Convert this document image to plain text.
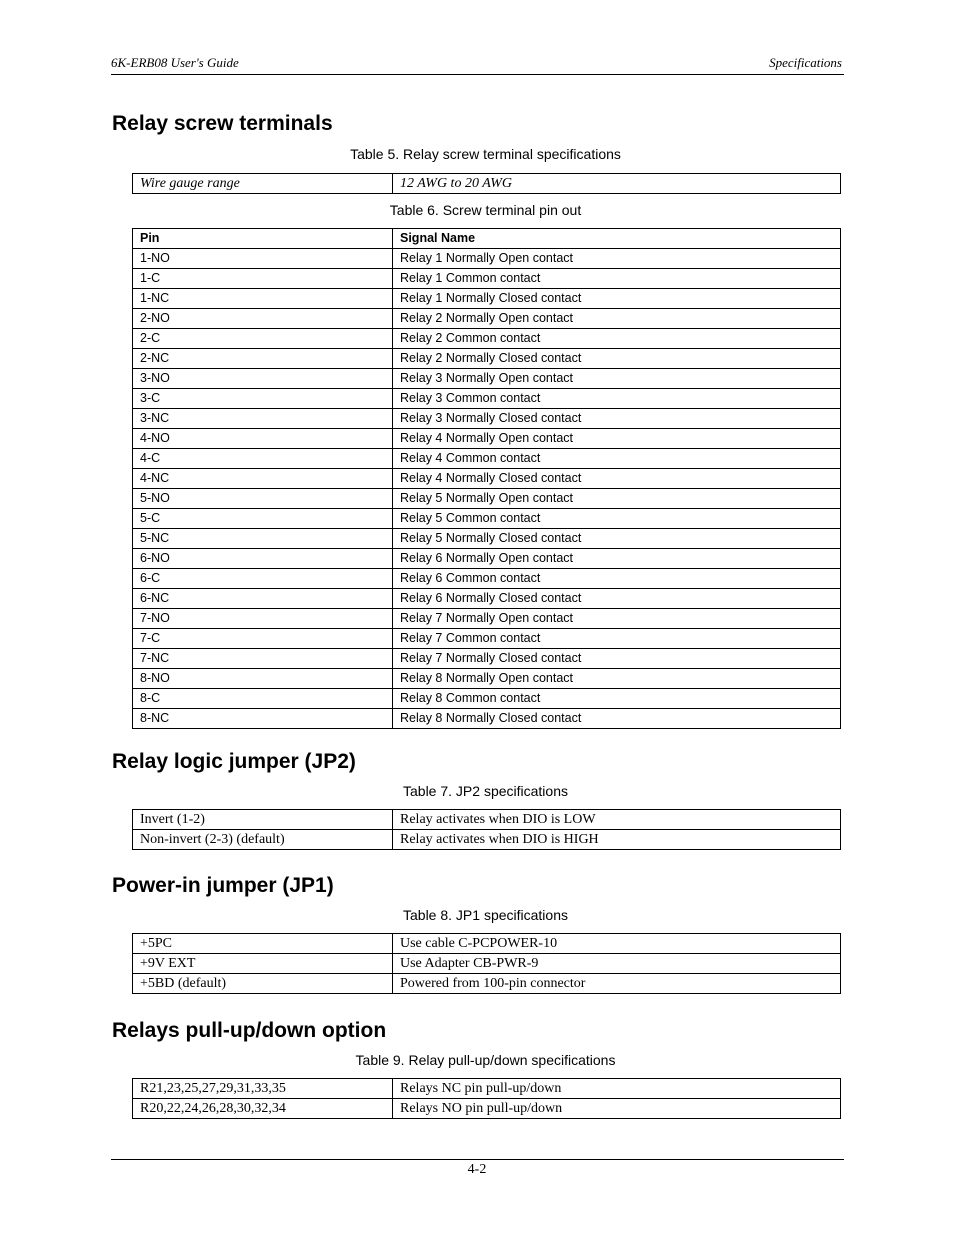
6K-ERB08 User's Guide	Specifications
Relay screw terminals

Table 5. Relay screw terminal specifications

Wire gauge range	12 AWG to 20 AWG

Table 6. Screw terminal pin out

Pin	Signal Name
1-NO	Relay 1 Normally Open contact
1-C	Relay 1 Common contact
1-NC	Relay 1 Normally Closed contact
2-NO	Relay 2 Normally Open contact
2-C	Relay 2 Common contact
2-NC	Relay 2 Normally Closed contact
3-NO	Relay 3 Normally Open contact
3-C	Relay 3 Common contact
3-NC	Relay 3 Normally Closed contact
4-NO	Relay 4 Normally Open contact
4-C	Relay 4 Common contact
4-NC	Relay 4 Normally Closed contact
5-NO	Relay 5 Normally Open contact
5-C	Relay 5 Common contact
5-NC	Relay 5 Normally Closed contact
6-NO	Relay 6 Normally Open contact
6-C	Relay 6 Common contact
6-NC	Relay 6 Normally Closed contact
7-NO	Relay 7 Normally Open contact
7-C	Relay 7 Common contact
7-NC	Relay 7 Normally Closed contact
8-NO	Relay 8 Normally Open contact
8-C	Relay 8 Common contact
8-NC	Relay 8 Normally Closed contact
Relay logic jumper (JP2)

Table 7. JP2 specifications

Invert (1-2)	Relay activates when DIO is LOW
Non-invert (2-3) (default)	Relay activates when DIO is HIGH
Power-in jumper (JP1)

Table 8. JP1 specifications

+5PC	Use cable C-PCPOWER-10
+9V EXT	Use Adapter CB-PWR-9
+5BD (default)	Powered from 100-pin connector
Relays pull-up/down option

Table 9. Relay pull-up/down specifications

R21,23,25,27,29,31,33,35	Relays NC pin pull-up/down
R20,22,24,26,28,30,32,34	Relays NO pin pull-up/down
4-2
